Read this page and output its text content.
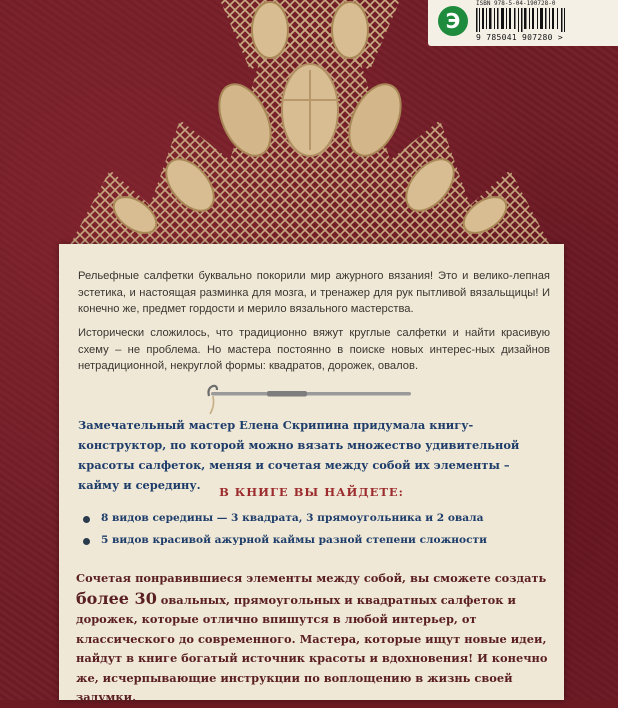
Э
ISBN 978-5-04-190728-0
9 785041 907280 >
Рельефные салфетки буквально покорили мир ажурного вязания! Это и велико-лепная эстетика, и настоящая разминка для мозга, и тренажер для рук пытливой вязальщицы! И конечно же, предмет гордости и мерило вязального мастерства.
Исторически сложилось, что традиционно вяжут круглые салфетки и найти красивую схему – не проблема. Но мастера постоянно в поиске новых интерес-ных дизайнов нетрадиционной, некруглой формы: квадратов, дорожек, овалов.
Замечательный мастер Елена Скрипина придумала книгу-конструктор, по которой можно вязать множество удивительной красоты салфеток, меняя и сочетая между собой их элементы – кайму и середину.	В КНИГЕ ВЫ НАЙДЕТЕ:
8 видов середины — 3 квадрата, 3 прямоугольника и 2 овала
5 видов красивой ажурной каймы разной степени сложности
Сочетая понравившиеся элементы между собой, вы сможете создать более 30 овальных, прямоугольных и квадратных салфеток и дорожек, которые отлично впишутся в любой интерьер, от классического до современного. Мастера, которые ищут новые идеи, найдут в книге богатый источник красоты и вдохновения! И конечно же, исчерпывающие инструкции по воплощению в жизнь своей задумки.
